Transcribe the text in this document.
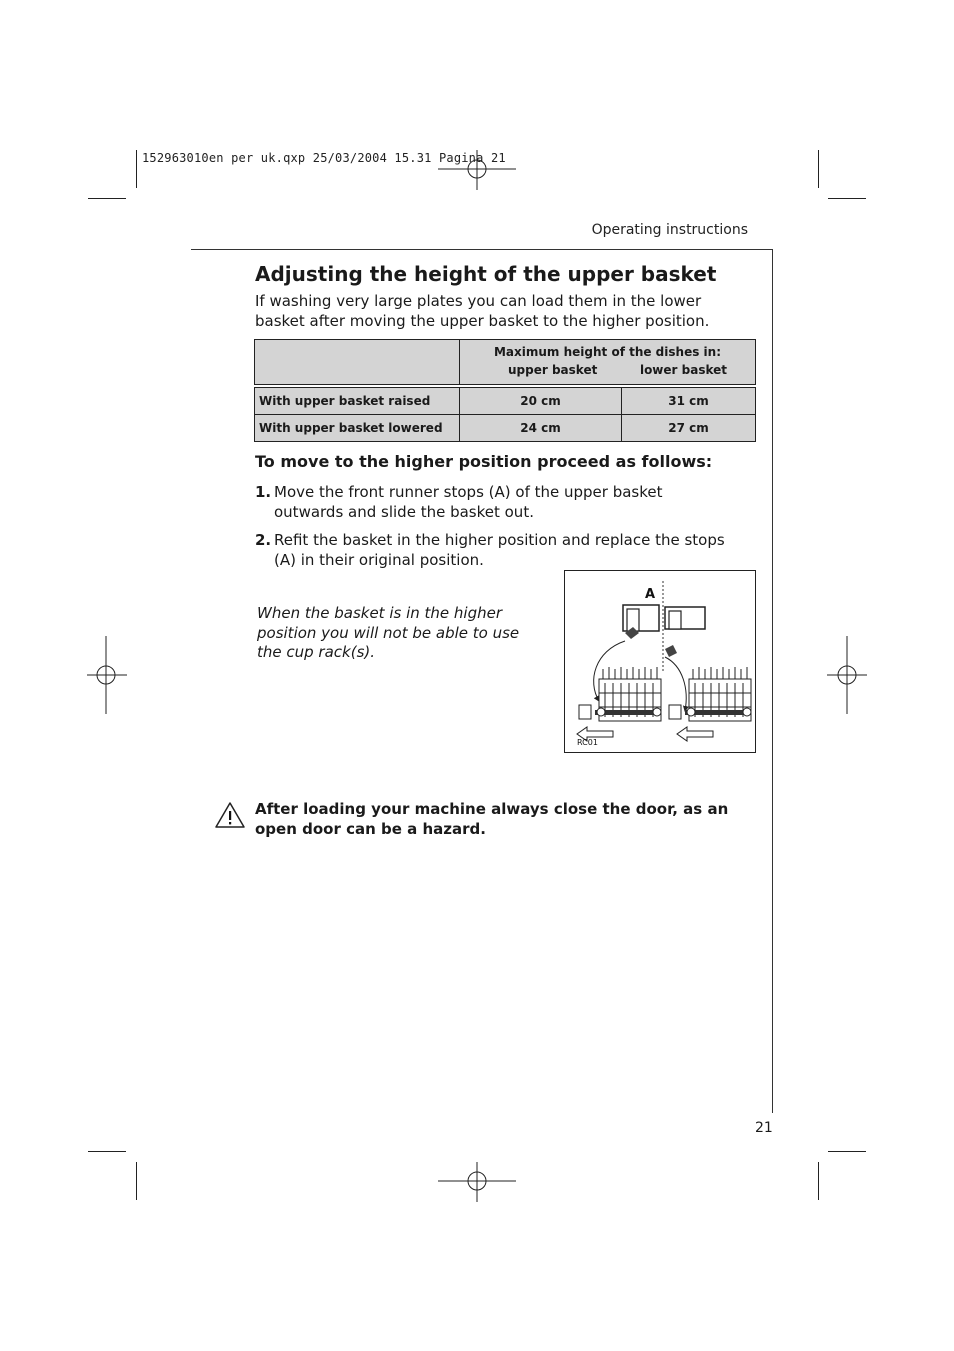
152963010en per uk.qxp 25/03/2004 15.31 Pagina 21
Operating instructions
Adjusting the height of the upper basket

If washing very large plates you can load them in the lower basket after moving the upper basket to the higher position.

	Maximum height of the dishes in:
upper basket lower basket	

With upper basket raised	20 cm	31 cm
With upper basket lowered	24 cm	27 cm
To move to the higher position proceed as follows:
1. Move the front runner stops (A) of the upper basket outwards and slide the basket out.
2. Refit the basket in the higher position and replace the stops (A) in their original position.
When the basket is in the higher position you will not be able to use the cup rack(s).
A
RC01
After loading your machine always close the door, as an open door can be a hazard.
21
